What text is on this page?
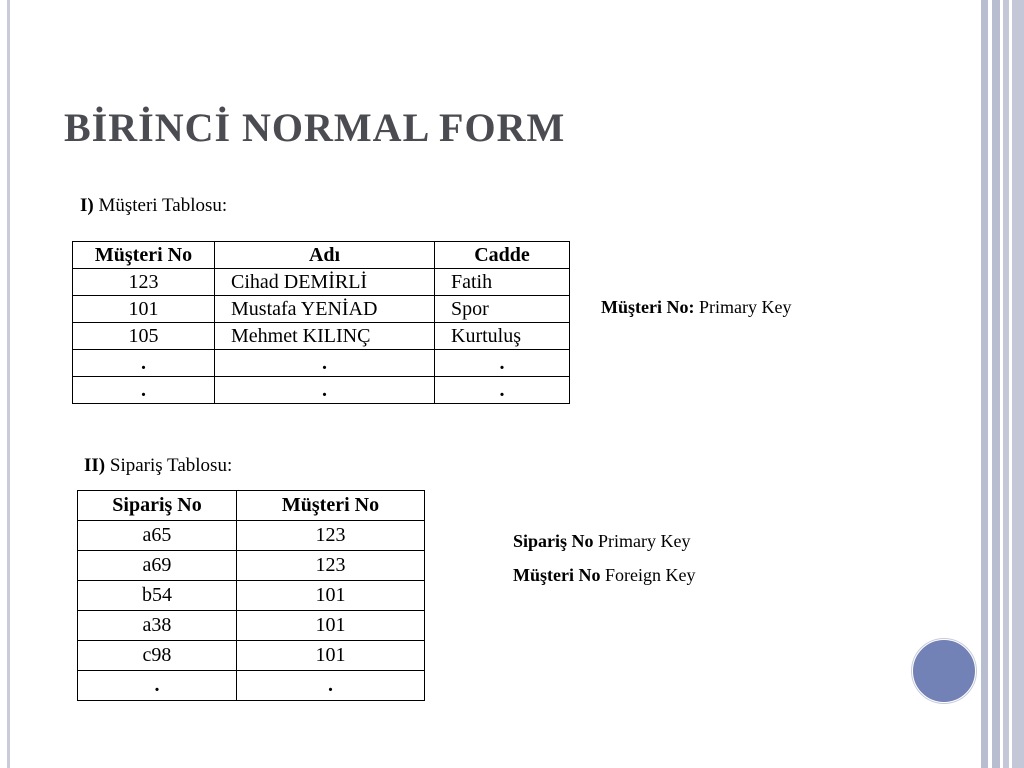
BİRİNCİ NORMAL FORM
I) Müşteri Tablosu:
Müşteri No	Adı	Cadde
123	Cihad DEMİRLİ	Fatih
101	Mustafa YENİAD	Spor
105	Mehmet KILINÇ	Kurtuluş
.	.	.
.	.	.
Müşteri No: Primary Key
II) Sipariş Tablosu:
Sipariş No	Müşteri No
a65	123
a69	123
b54	101
a38	101
c98	101
.	.
Sipariş No Primary Key
Müşteri No Foreign Key
